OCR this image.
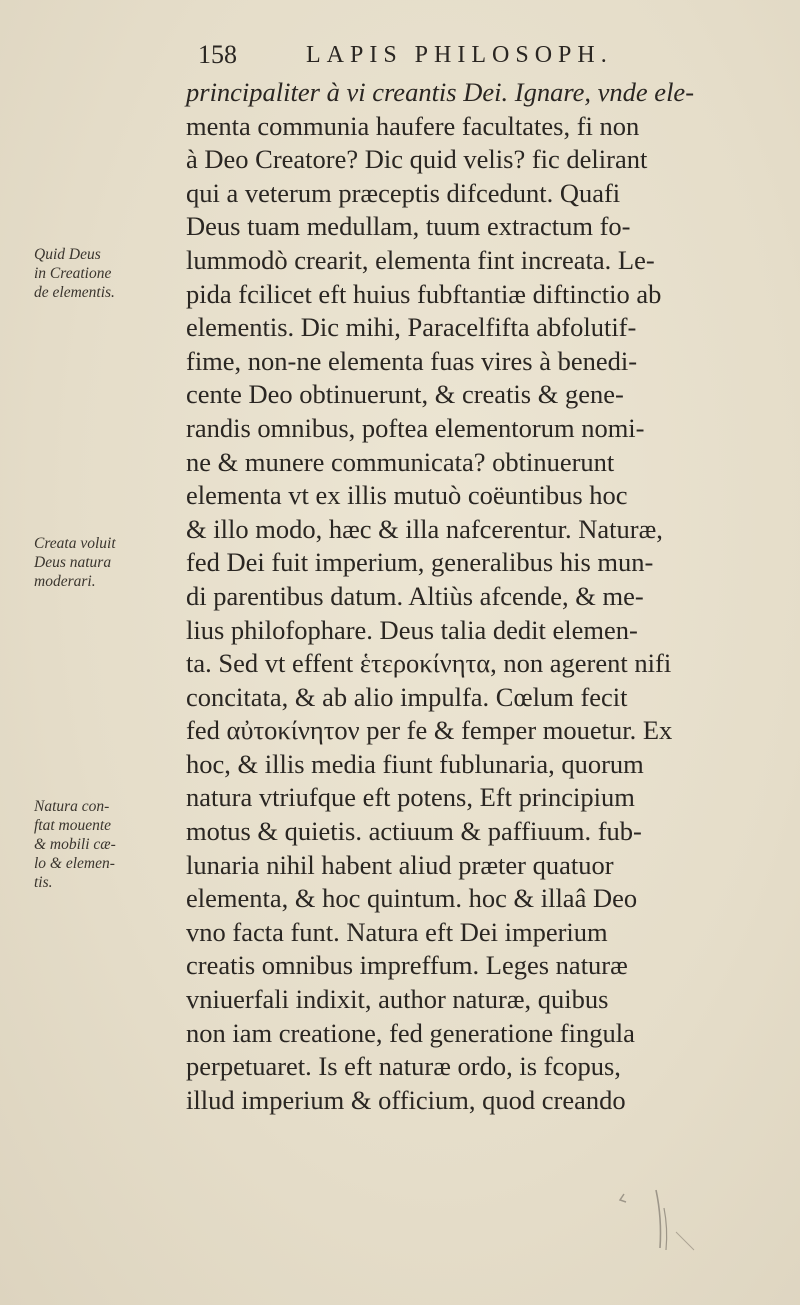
158	LAPIS PHILOSOPH.
principaliter à vi creantis Dei. Ignare, vnde ele-
menta communia haufere facultates, fi non
à Deo Creatore? Dic quid velis? fic delirant
qui a veterum præceptis difcedunt. Quafi
Deus tuam medullam, tuum extractum fo-
lummodò crearit, elementa fint increata. Le-
pida fcilicet eft huius fubftantiæ diftinctio ab
elementis. Dic mihi, Paracelfifta abfolutif-
fime, non-ne elementa fuas vires à benedi-
cente Deo obtinuerunt, & creatis & gene-
randis omnibus, poftea elementorum nomi-
ne & munere communicata? obtinuerunt
elementa vt ex illis mutuò coëuntibus hoc
& illo modo, hæc & illa nafcerentur. Naturæ,
fed Dei fuit imperium, generalibus his mun-
di parentibus datum. Altiùs afcende, & me-
lius philofophare. Deus talia dedit elemen-
ta. Sed vt effent ἑτεροκίνητα, non agerent nifi
concitata, & ab alio impulfa. Cœlum fecit
fed αὐτοκίνητον per fe & femper mouetur. Ex
hoc, & illis media fiunt fublunaria, quorum
natura vtriufque eft potens, Eft principium
motus & quietis. actiuum & paffiuum. fub-
lunaria nihil habent aliud præter quatuor
elementa, & hoc quintum. hoc & illaâ Deo
vno facta funt. Natura eft Dei imperium
creatis omnibus impreffum. Leges naturæ
vniuerfali indixit, author naturæ, quibus
non iam creatione, fed generatione fingula
perpetuaret. Is eft naturæ ordo, is fcopus,
illud imperium & officium, quod creando
Quid Deus
in Creatione
de elementis.
Creata voluit
Deus natura
moderari.
Natura con-
ftat mouente
& mobili cæ-
lo & elemen-
tis.
